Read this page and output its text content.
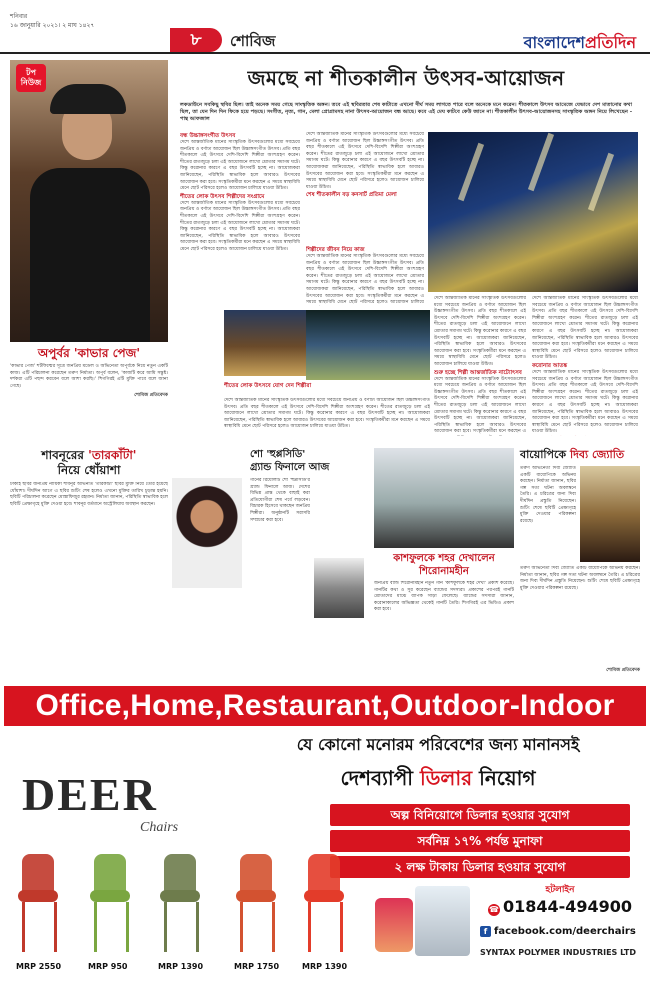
শনিবার
১৬ জানুয়ারি ২০২১। ২ মাঘ ১৪২৭
৮	শোবিজ	বাংলাদেশপ্রতিদিন
টপ নিউজ
অপুর্বর 'কাভার পেজ'
'কাভার পেজ' শর্টফিল্মের সূত্রে জনপ্রিয় মডেল ও অভিনেতা অপূর্বকে নিয়ে নতুন একটি কাজ। এটি পরিচালনা করেছেন তরুণ নির্মাতা। অপূর্ব বলেন, 'কাজটি করে আমি সন্তুষ্ট। দর্শকরা এটি পছন্দ করবেন বলে আশা করছি।' শিগগিরই এটি মুক্তি পাবে বলে জানা গেছে।
শোবিজ প্রতিবেদক
জমছে না শীতকালীন উৎসব-আয়োজন
লকডাউনে সবকিছু স্থবির ছিল। তাই অনেক সময় গেছে সাংস্কৃতিক অঙ্গন। তবে এই স্থবিরতার শেষ কাটাতে এখনো দীর্ঘ সময় লাগতে পারে বলে অনেকে মনে করেন। শীতকালে উৎসব আমেজে যেভাবে দেশ মাতানোর কথা ছিল, তা যেন দিন দিন ফিকে হয়ে পড়ছে। সংগীত, নৃত্য, গান, মেলা প্রোগ্রামসহ নানা উৎসব-আয়োজন বন্ধ আছে। কবে এই মেঘ কাটবে কেউ জানে না। শীতকালীন উৎসব-আয়োজনসহ সাংস্কৃতিক অঙ্গন নিয়ে লিখেছেন - পান্থ আফজাল
বন্ধ উচ্চাঙ্গসংগীত উৎসব
দেশে আন্তর্জাতিক মানের সাংস্কৃতিক উৎসবগুলোর মধ্যে সবচেয়ে জনপ্রিয় ও বর্ণাঢ্য আয়োজন ছিল উচ্চাঙ্গসংগীত উৎসব। প্রতি বছর শীতকালে এই উৎসবে দেশি-বিদেশি শিল্পীরা অংশগ্রহণ করেন। শীতের রাতজুড়ে চলা এই আয়োজনে লাখো শ্রোতার সমাগম ঘটে। কিন্তু করোনার কারণে এ বছর উৎসবটি হচ্ছে না। আয়োজকরা জানিয়েছেন, পরিস্থিতি স্বাভাবিক হলে আবারও উৎসবের আয়োজন করা হবে। সংস্কৃতিকর্মীরা মনে করছেন এ সময়ে স্বাস্থ্যবিধি মেনে ছোট পরিসরে হলেও আয়োজন চালিয়ে যাওয়া উচিত।
শীতের লোক উৎসব শিল্পীদের সংগ্রামে
দেশে আন্তর্জাতিক মানের সাংস্কৃতিক উৎসবগুলোর মধ্যে সবচেয়ে জনপ্রিয় ও বর্ণাঢ্য আয়োজন ছিল উচ্চাঙ্গসংগীত উৎসব। প্রতি বছর শীতকালে এই উৎসবে দেশি-বিদেশি শিল্পীরা অংশগ্রহণ করেন। শীতের রাতজুড়ে চলা এই আয়োজনে লাখো শ্রোতার সমাগম ঘটে। কিন্তু করোনার কারণে এ বছর উৎসবটি হচ্ছে না। আয়োজকরা জানিয়েছেন, পরিস্থিতি স্বাভাবিক হলে আবারও উৎসবের আয়োজন করা হবে। সংস্কৃতিকর্মীরা মনে করছেন এ সময়ে স্বাস্থ্যবিধি মেনে ছোট পরিসরে হলেও আয়োজন চালিয়ে যাওয়া উচিত।
দেশে আন্তর্জাতিক মানের সাংস্কৃতিক উৎসবগুলোর মধ্যে সবচেয়ে জনপ্রিয় ও বর্ণাঢ্য আয়োজন ছিল উচ্চাঙ্গসংগীত উৎসব। প্রতি বছর শীতকালে এই উৎসবে দেশি-বিদেশি শিল্পীরা অংশগ্রহণ করেন। শীতের রাতজুড়ে চলা এই আয়োজনে লাখো শ্রোতার সমাগম ঘটে। কিন্তু করোনার কারণে এ বছর উৎসবটি হচ্ছে না। আয়োজকরা জানিয়েছেন, পরিস্থিতি স্বাভাবিক হলে আবারও উৎসবের আয়োজন করা হবে। সংস্কৃতিকর্মীরা মনে করছেন এ সময়ে স্বাস্থ্যবিধি মেনে ছোট পরিসরে হলেও আয়োজন চালিয়ে যাওয়া উচিত।
শেষ শীতকালীন বড় কনসার্ট প্রতিমা মেলা
শিল্পীদের জীবন নিয়ে কাজ
দেশে আন্তর্জাতিক মানের সাংস্কৃতিক উৎসবগুলোর মধ্যে সবচেয়ে জনপ্রিয় ও বর্ণাঢ্য আয়োজন ছিল উচ্চাঙ্গসংগীত উৎসব। প্রতি বছর শীতকালে এই উৎসবে দেশি-বিদেশি শিল্পীরা অংশগ্রহণ করেন। শীতের রাতজুড়ে চলা এই আয়োজনে লাখো শ্রোতার সমাগম ঘটে। কিন্তু করোনার কারণে এ বছর উৎসবটি হচ্ছে না। আয়োজকরা জানিয়েছেন, পরিস্থিতি স্বাভাবিক হলে আবারও উৎসবের আয়োজন করা হবে। সংস্কৃতিকর্মীরা মনে করছেন এ সময়ে স্বাস্থ্যবিধি মেনে ছোট পরিসরে হলেও আয়োজন চালিয়ে
শীতের লোক উৎসবে যোগ দেন শিল্পীরা
দেশে আন্তর্জাতিক মানের সাংস্কৃতিক উৎসবগুলোর মধ্যে সবচেয়ে জনপ্রিয় ও বর্ণাঢ্য আয়োজন ছিল উচ্চাঙ্গসংগীত উৎসব। প্রতি বছর শীতকালে এই উৎসবে দেশি-বিদেশি শিল্পীরা অংশগ্রহণ করেন। শীতের রাতজুড়ে চলা এই আয়োজনে লাখো শ্রোতার সমাগম ঘটে। কিন্তু করোনার কারণে এ বছর উৎসবটি হচ্ছে না। আয়োজকরা জানিয়েছেন, পরিস্থিতি স্বাভাবিক হলে আবারও উৎসবের আয়োজন করা হবে। সংস্কৃতিকর্মীরা মনে করছেন এ সময়ে স্বাস্থ্যবিধি মেনে ছোট পরিসরে হলেও আয়োজন চালিয়ে যাওয়া উচিত।
দেশে আন্তর্জাতিক মানের সাংস্কৃতিক উৎসবগুলোর মধ্যে সবচেয়ে জনপ্রিয় ও বর্ণাঢ্য আয়োজন ছিল উচ্চাঙ্গসংগীত উৎসব। প্রতি বছর শীতকালে এই উৎসবে দেশি-বিদেশি শিল্পীরা অংশগ্রহণ করেন। শীতের রাতজুড়ে চলা এই আয়োজনে লাখো শ্রোতার সমাগম ঘটে। কিন্তু করোনার কারণে এ বছর উৎসবটি হচ্ছে না। আয়োজকরা জানিয়েছেন, পরিস্থিতি স্বাভাবিক হলে আবারও উৎসবের আয়োজন করা হবে। সংস্কৃতিকর্মীরা মনে করছেন এ সময়ে স্বাস্থ্যবিধি মেনে ছোট পরিসরে হলেও আয়োজন চালিয়ে যাওয়া উচিত।
শুরু হচ্ছে শিল্পী আন্তর্জাতিক নাট্যোৎসব
দেশে আন্তর্জাতিক মানের সাংস্কৃতিক উৎসবগুলোর মধ্যে সবচেয়ে জনপ্রিয় ও বর্ণাঢ্য আয়োজন ছিল উচ্চাঙ্গসংগীত উৎসব। প্রতি বছর শীতকালে এই উৎসবে দেশি-বিদেশি শিল্পীরা অংশগ্রহণ করেন। শীতের রাতজুড়ে চলা এই আয়োজনে লাখো শ্রোতার সমাগম ঘটে। কিন্তু করোনার কারণে এ বছর উৎসবটি হচ্ছে না। আয়োজকরা জানিয়েছেন, পরিস্থিতি স্বাভাবিক হলে আবারও উৎসবের আয়োজন করা হবে। সংস্কৃতিকর্মীরা মনে করছেন এ
দেশে আন্তর্জাতিক মানের সাংস্কৃতিক উৎসবগুলোর মধ্যে সবচেয়ে জনপ্রিয় ও বর্ণাঢ্য আয়োজন ছিল উচ্চাঙ্গসংগীত উৎসব। প্রতি বছর শীতকালে এই উৎসবে দেশি-বিদেশি শিল্পীরা অংশগ্রহণ করেন। শীতের রাতজুড়ে চলা এই আয়োজনে লাখো শ্রোতার সমাগম ঘটে। কিন্তু করোনার কারণে এ বছর উৎসবটি হচ্ছে না। আয়োজকরা জানিয়েছেন, পরিস্থিতি স্বাভাবিক হলে আবারও উৎসবের আয়োজন করা হবে। সংস্কৃতিকর্মীরা মনে করছেন এ সময়ে স্বাস্থ্যবিধি মেনে ছোট পরিসরে হলেও আয়োজন চালিয়ে যাওয়া উচিত।
করোনার আতঙ্ক
দেশে আন্তর্জাতিক মানের সাংস্কৃতিক উৎসবগুলোর মধ্যে সবচেয়ে জনপ্রিয় ও বর্ণাঢ্য আয়োজন ছিল উচ্চাঙ্গসংগীত উৎসব। প্রতি বছর শীতকালে এই উৎসবে দেশি-বিদেশি শিল্পীরা অংশগ্রহণ করেন। শীতের রাতজুড়ে চলা এই আয়োজনে লাখো শ্রোতার সমাগম ঘটে। কিন্তু করোনার কারণে এ বছর উৎসবটি হচ্ছে না। আয়োজকরা জানিয়েছেন, পরিস্থিতি স্বাভাবিক হলে আবারও উৎসবের আয়োজন করা হবে। সংস্কৃতিকর্মীরা মনে করছেন এ সময়ে স্বাস্থ্যবিধি মেনে ছোট পরিসরে হলেও আয়োজন চালিয়ে যাওয়া উচিত।
শাবনূরের 'তারকাঁটা'
নিয়ে ধোঁয়াশা
ঢাকাই ছবির জনপ্রিয় নায়িকা শাবনূর অভিনীত 'তারকাঁটা' ছবির মুক্তি নিয়ে তৈরি হয়েছে ধোঁয়াশা। দীর্ঘদিন আগে এ ছবির শুটিং শেষ হলেও এখনো মুক্তির তারিখ চূড়ান্ত হয়নি। ছবিটি পরিচালনা করেছেন মোস্তাফিজুর রহমান। নির্মাতা জানান, পরিস্থিতি স্বাভাবিক হলে ছবিটি প্রেক্ষাগৃহে মুক্তি দেওয়া হবে। শাবনূর বর্তমানে অস্ট্রেলিয়ায় অবস্থান করছেন।
শো 'হুপ্পসিডি'
গ্র্যান্ড ফিনালে আজ
গানের রিয়েলিটি শো 'হুপ্পসিডি'র গ্র্যান্ড ফিনালে আজ। দেশের বিভিন্ন প্রান্ত থেকে বাছাই করা প্রতিযোগীরা শেষ পর্বে লড়বেন। বিচারক হিসেবে থাকছেন জনপ্রিয় শিল্পীরা। অনুষ্ঠানটি সরাসরি সম্প্রচার করা হবে।
কাশফুলকে শহর দেখালেন
শিরোনামহীন
জনপ্রিয় ব্যান্ড শিরোনামহীন নতুন গান 'কাশফুলকে শহর দেখা' প্রকাশ করেছে। গানটির কথা ও সুর করেছেন ব্যান্ডের সদস্যরা। প্রকাশের পরপরই গানটি শ্রোতাদের মাঝে ব্যাপক সাড়া ফেলেছে। ব্যান্ডের সদস্যরা জানান, করোনাকালের অভিজ্ঞতা থেকেই গানটি তৈরি। শিগগিরই এর ভিডিও প্রকাশ করা হবে।
বায়োপিকে দিব্য জ্যোতি
তরুণ অভিনেতা দিব্য জ্যোতি একটি বায়োপিকে অভিনয় করছেন। নির্মাতা জানান, ছবির গল্প সত্য ঘটনা অবলম্বনে তৈরি। এ চরিত্রের জন্য দিব্য দীর্ঘদিন প্রস্তুতি নিয়েছেন। শুটিং শেষে ছবিটি প্রেক্ষাগৃহে মুক্তি দেওয়ার পরিকল্পনা রয়েছে।
তরুণ অভিনেতা দিব্য জ্যোতি একটি বায়োপিকে অভিনয় করছেন। নির্মাতা জানান, ছবির গল্প সত্য ঘটনা অবলম্বনে তৈরি। এ চরিত্রের জন্য দিব্য দীর্ঘদিন প্রস্তুতি নিয়েছেন। শুটিং শেষে ছবিটি প্রেক্ষাগৃহে মুক্তি দেওয়ার পরিকল্পনা রয়েছে।
শোবিজ প্রতিবেদক
Office,Home,Restaurant,Outdoor-Indoor
যে কোনো মনোরম পরিবেশের জন্য মানানসই
দেশব্যাপী ডিলার নিয়োগ
DEER
Chairs
অল্প বিনিয়োগে ডিলার হওয়ার সুযোগ
সর্বনিম্ন ১৭% পর্যন্ত মুনাফা
২ লক্ষ টাকায় ডিলার হওয়ার সুযোগ
হটলাইন
☎ 01844-494900
f facebook.com/deerchairs
SYNTAX POLYMER INDUSTRIES LTD
MRP 2550	MRP 950	MRP 1390	MRP 1750	MRP 1390
